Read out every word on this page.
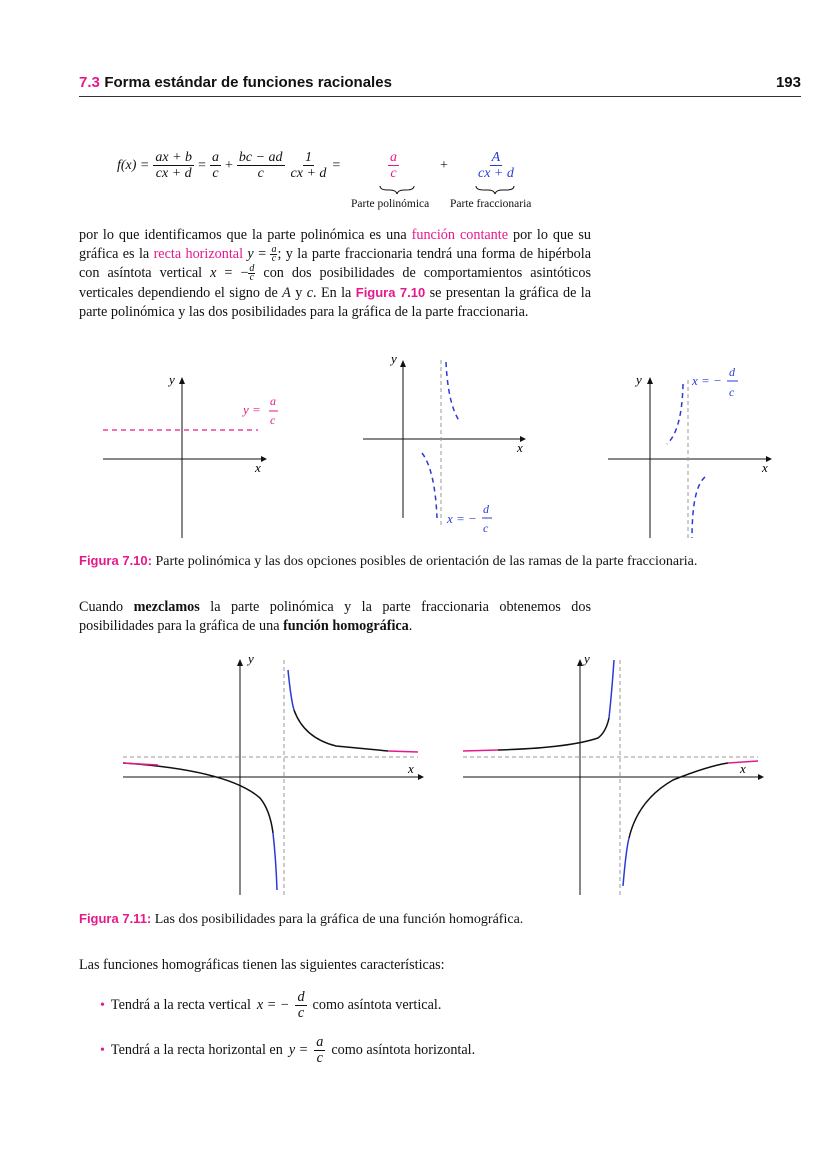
7.3 Forma estándar de funciones racionales	193
$f(x) = \frac{ax + b}{cx + d} = \frac{a}{c} + \frac{bc - ad}{c} \frac{1}{cx + d}$ =	$\frac{a}{c}$	+ $\frac{A}{cx + d}$
Parte polinómica Parte fraccionaria
por lo que identificamos que la parte polinómica es una función contante por lo que su gráfica es la recta horizontal $y = \frac{a}{c}$ ; y la parte fraccionaria tendrá una forma de hipérbola con asíntota vertical x = − $\frac{d}{c}$ con dos posibilidades de comportamientos asintóticos verticales dependiendo el signo de A y c. En la Figura 7.10 se presentan la gráfica de la parte polinómica y las dos posibilidades para la gráfica de la parte fraccionaria.
x
y
y =
a
c
x
y
x = −
d
c
x
y	x = −
d
c
Figura 7.10: Parte polinómica y las dos opciones posibles de orientación de las ramas de la parte fraccionaria.
Cuando mezclamos la parte polinómica y la parte fraccionaria obtenemos dos posibilidades para la gráfica de una función homográfica.
x
y
x
y
Figura 7.11: Las dos posibilidades para la gráfica de una función homográfica.
Las funciones homográficas tienen las siguientes características:
• Tendrá a la recta vertical x = − $\frac{d}{c}$ como asíntota vertical.
• Tendrá a la recta horizontal en $y = \frac{a}{c}$ como asíntota horizontal.
